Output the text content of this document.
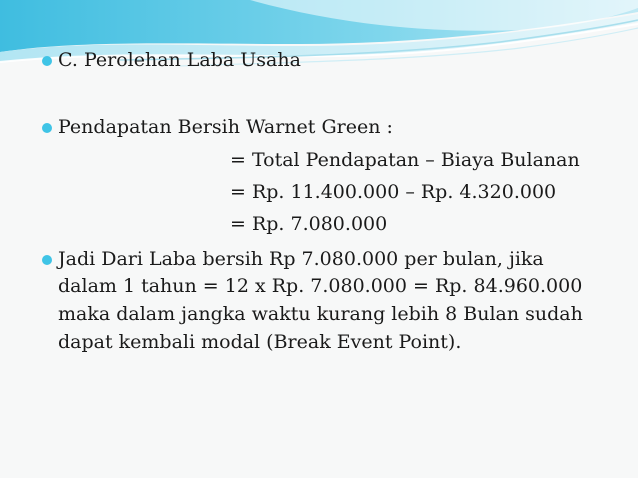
C. Perolehan Laba Usaha
Pendapatan Bersih Warnet Green :
= Total Pendapatan – Biaya Bulanan
= Rp. 11.400.000 – Rp. 4.320.000
= Rp. 7.080.000
Jadi Dari Laba bersih Rp 7.080.000 per bulan, jika
dalam 1 tahun = 12 x Rp. 7.080.000 = Rp. 84.960.000
maka dalam jangka waktu kurang lebih 8 Bulan sudah
dapat kembali modal (Break Event Point).
